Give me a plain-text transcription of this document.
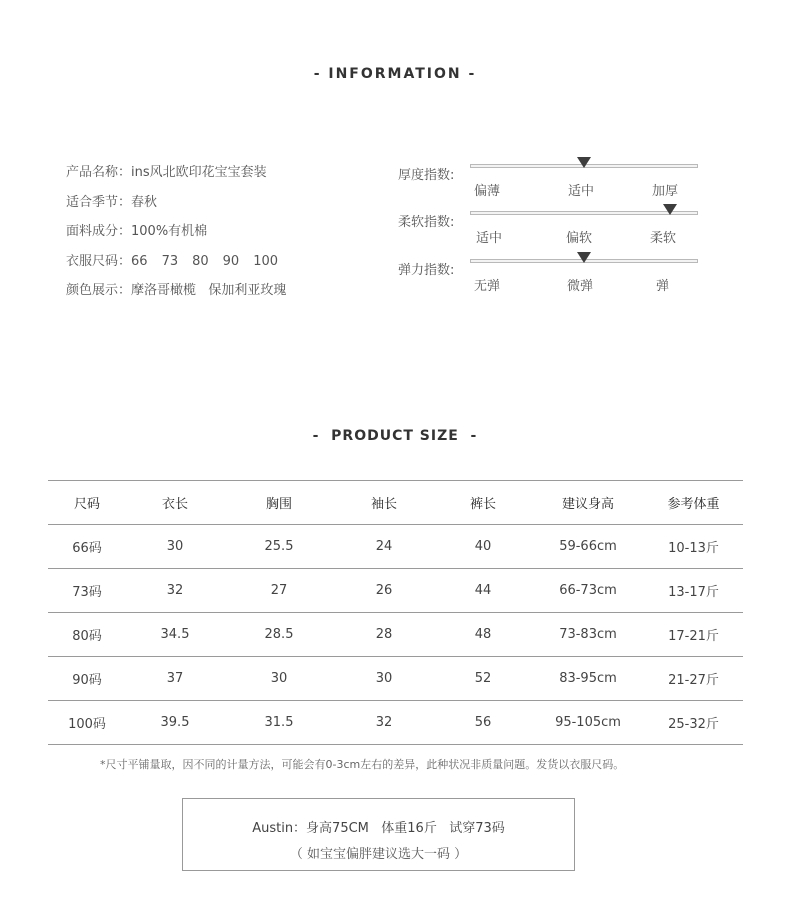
- INFORMATION -
产品名称：ins风北欧印花宝宝套装
适合季节：春秋
面料成分：100%有机棉
衣服尺码：66 73 80 90 100
颜色展示：摩洛哥橄榄   保加利亚玫瑰
厚度指数:
偏薄	适中	加厚
柔软指数:
适中	偏软	柔软
弹力指数:
无弹	微弹	弹
-  PRODUCT SIZE  -
尺码	衣长	胸围	袖长	裤长	建议身高	参考体重
66码	30	25.5	24	40	59-66cm	10-13斤
73码	32	27	26	44	66-73cm	13-17斤
80码	34.5	28.5	28	48	73-83cm	17-21斤
90码	37	30	30	52	83-95cm	21-27斤
100码	39.5	31.5	32	56	95-105cm	25-32斤
*尺寸平铺量取，因不同的计量方法，可能会有0-3cm左右的差异，此种状况非质量问题。发货以衣服尺码。
Austin：身高75CM   体重16斤   试穿73码
（ 如宝宝偏胖建议选大一码 ）
